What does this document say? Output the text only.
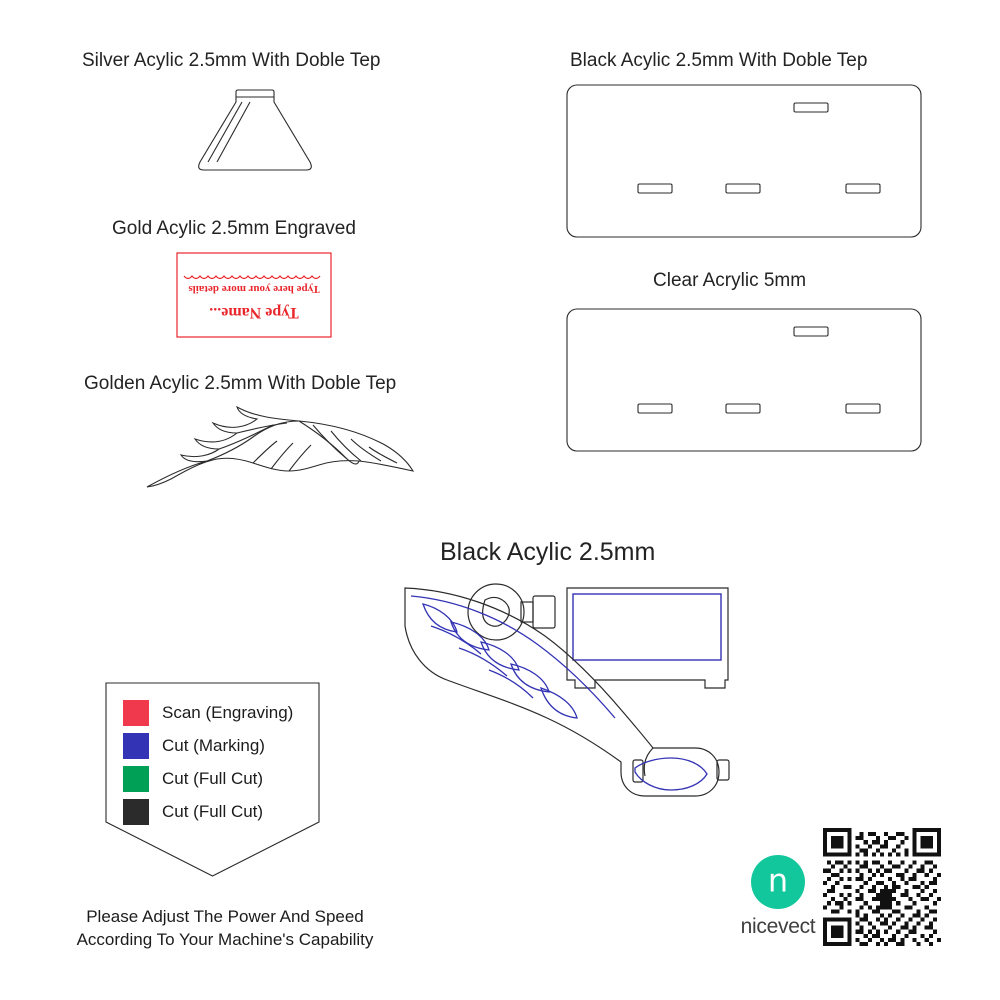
Silver Acylic 2.5mm With Doble Tep
Gold Acylic 2.5mm Engraved
Golden Acylic 2.5mm With Doble Tep
Black Acylic 2.5mm With Doble Tep
Clear Acrylic 5mm
Black Acylic 2.5mm
Type Name...
Type here your more details
Scan (Engraving)
Cut (Marking)
Cut (Full Cut)
Cut (Full Cut)
Please Adjust The Power And Speed
According To Your Machine's Capability
n
nicevect
